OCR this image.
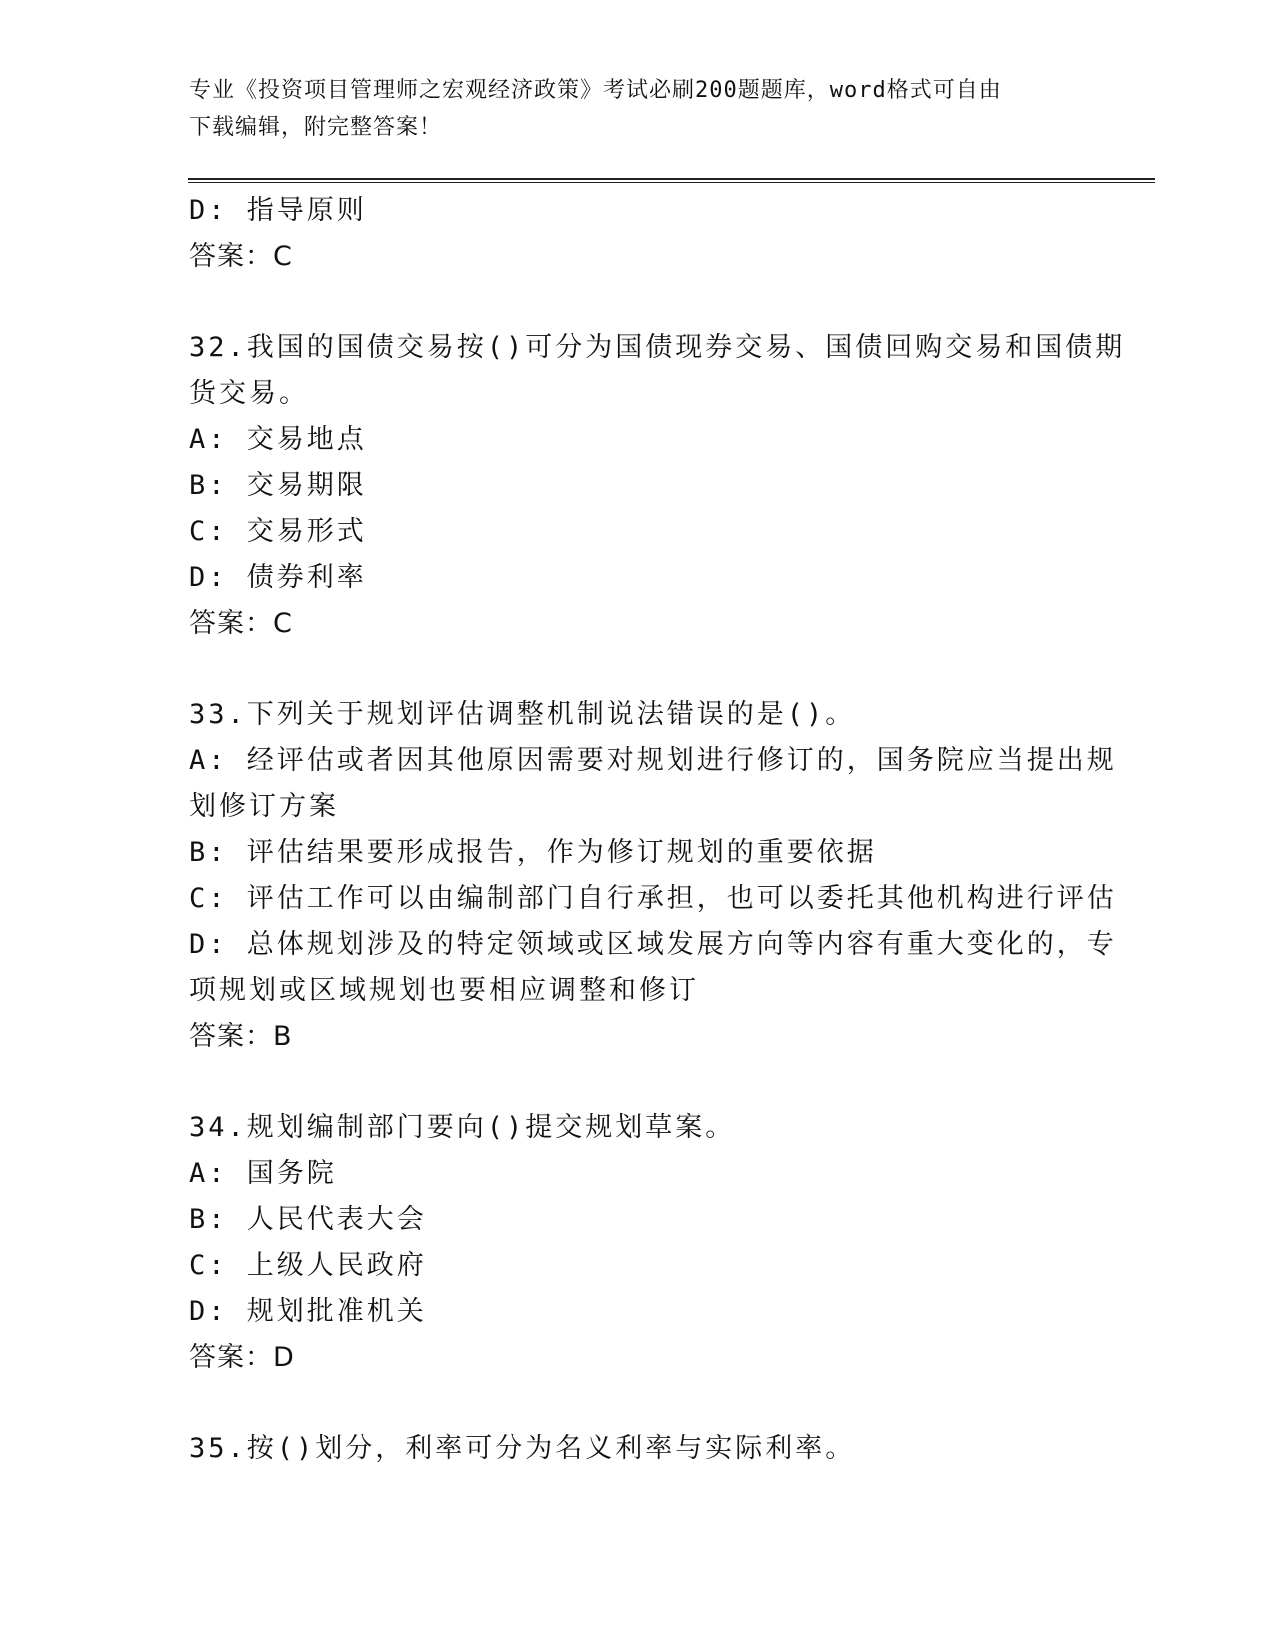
专业《投资项目管理师之宏观经济政策》考试必刷200题题库，word格式可自由
下载编辑，附完整答案！
D: 指导原则
答案：C
32.我国的国债交易按()可分为国债现券交易、国债回购交易和国债期
货交易。
A: 交易地点
B: 交易期限
C: 交易形式
D: 债券利率
答案：C
33.下列关于规划评估调整机制说法错误的是()。
A: 经评估或者因其他原因需要对规划进行修订的，国务院应当提出规
划修订方案
B: 评估结果要形成报告，作为修订规划的重要依据
C: 评估工作可以由编制部门自行承担，也可以委托其他机构进行评估
D: 总体规划涉及的特定领域或区域发展方向等内容有重大变化的，专
项规划或区域规划也要相应调整和修订
答案：B
34.规划编制部门要向()提交规划草案。
A: 国务院
B: 人民代表大会
C: 上级人民政府
D: 规划批准机关
答案：D
35.按()划分，利率可分为名义利率与实际利率。
